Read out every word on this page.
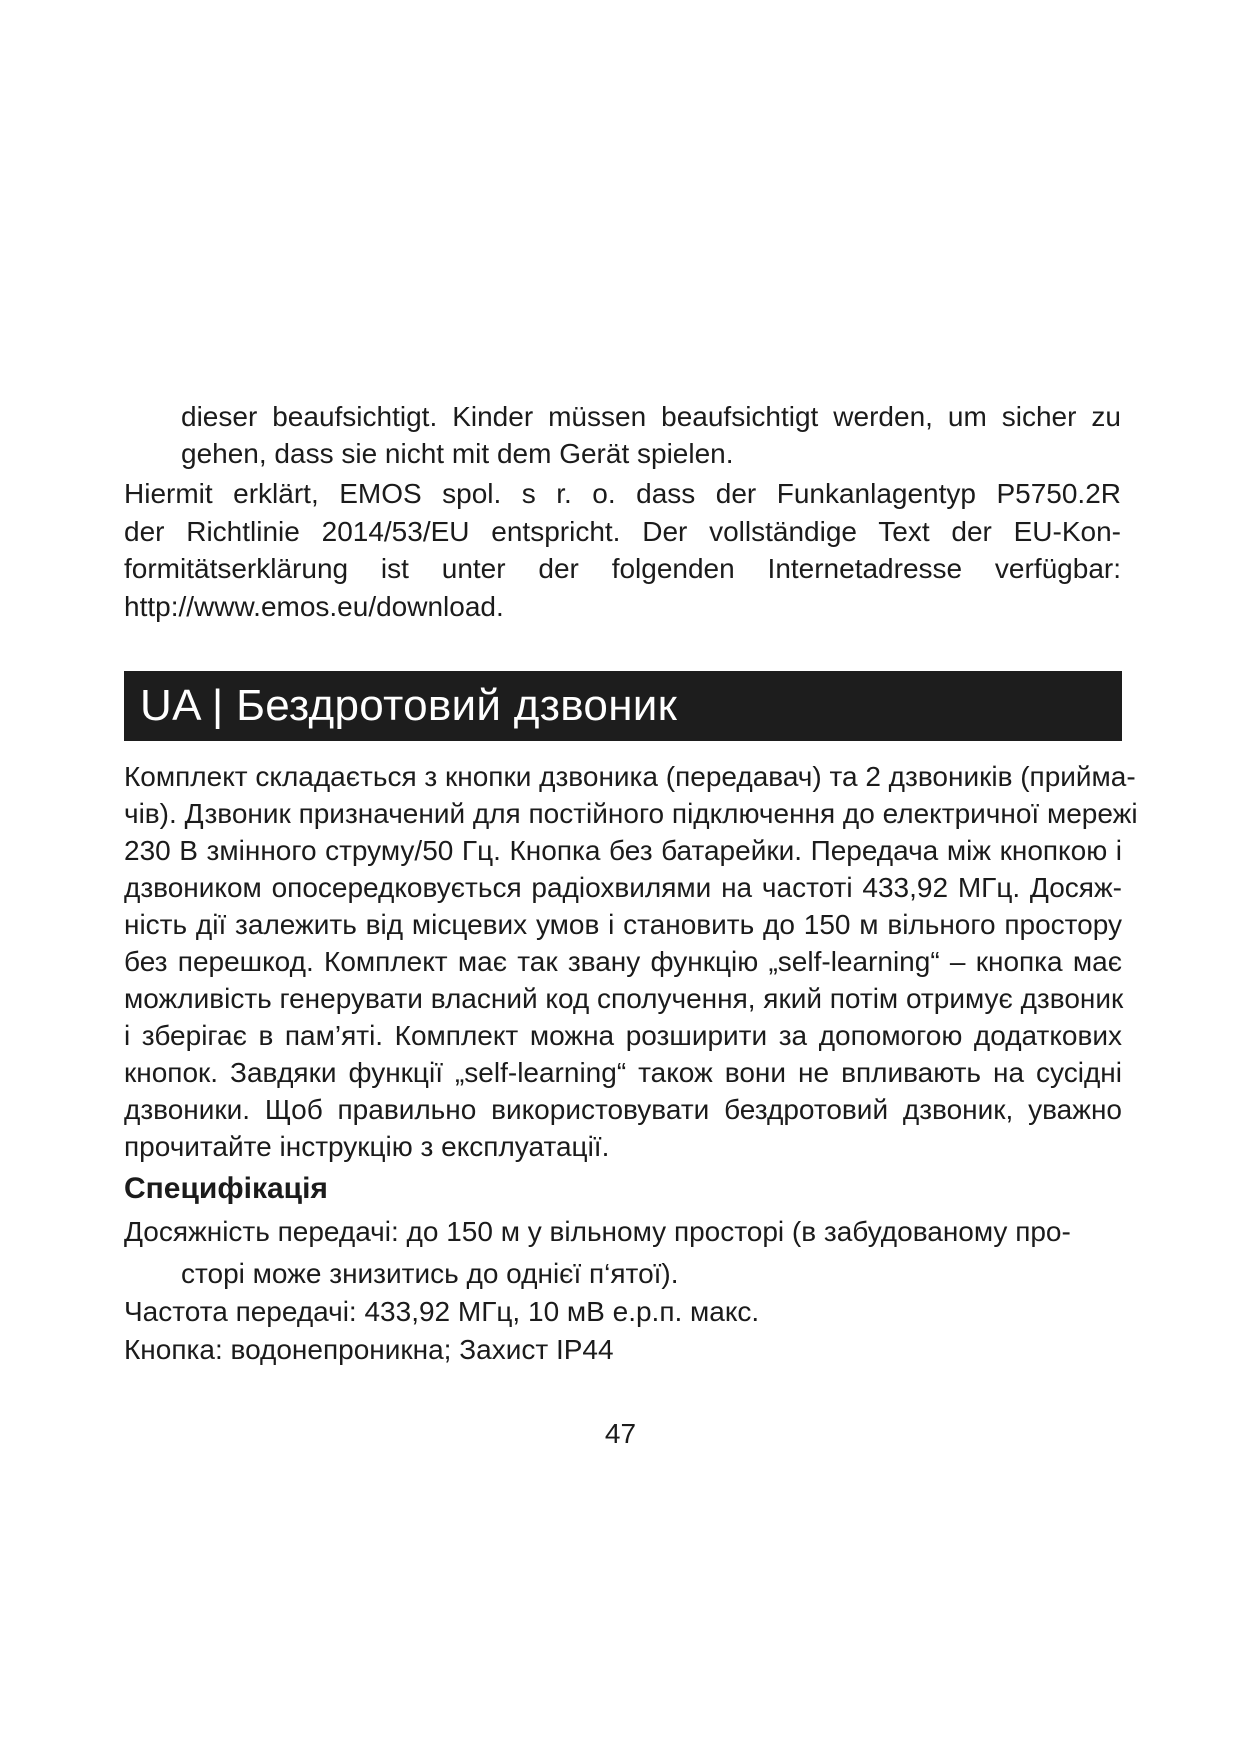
dieser beaufsichtigt. Kinder müssen beaufsichtigt werden, um sicher zu
gehen, dass sie nicht mit dem Gerät spielen.
Hiermit erklärt, EMOS spol. s r. o. dass der Funkanlagentyp P5750.2R
der Richtlinie 2014/53/EU entspricht. Der vollständige Text der EU-Kon-
formitätserklärung ist unter der folgenden Internetadresse verfügbar:
http://www.emos.eu/download.
UA | Бездротовий дзвоник
Комплект складається з кнопки дзвоника (передавач) та 2 дзвоників (прийма-
чів). Дзвоник призначений для постійного підключення до електричної мережі
230 В змінного струму/50 Гц. Кнопка без батарейки. Передача між кнопкою і
дзвоником опосередковується радіохвилями на частоті 433,92 МГц. Досяж-
ність дії залежить від місцевих умов і становить до 150 м вільного простору
без перешкод. Комплект має так звану функцію „self-learning“ – кнопка має
можливість генерувати власний код сполучення, який потім отримує дзвоник
і зберігає в пам’яті. Комплект можна розширити за допомогою додаткових
кнопок. Завдяки функції „self-learning“ також вони не впливають на сусідні
дзвоники. Щоб правильно використовувати бездротовий дзвоник, уважно
прочитайте інструкцію з експлуатації.
Специфікація
Досяжність передачі: до 150 м у вільному просторі (в забудованому про-
сторі може знизитись до однієї п‘ятої).
Частота передачі: 433,92 МГц, 10 мВ е.р.п. макс.
Кнопка: водонепроникна; Захист IP44
47
